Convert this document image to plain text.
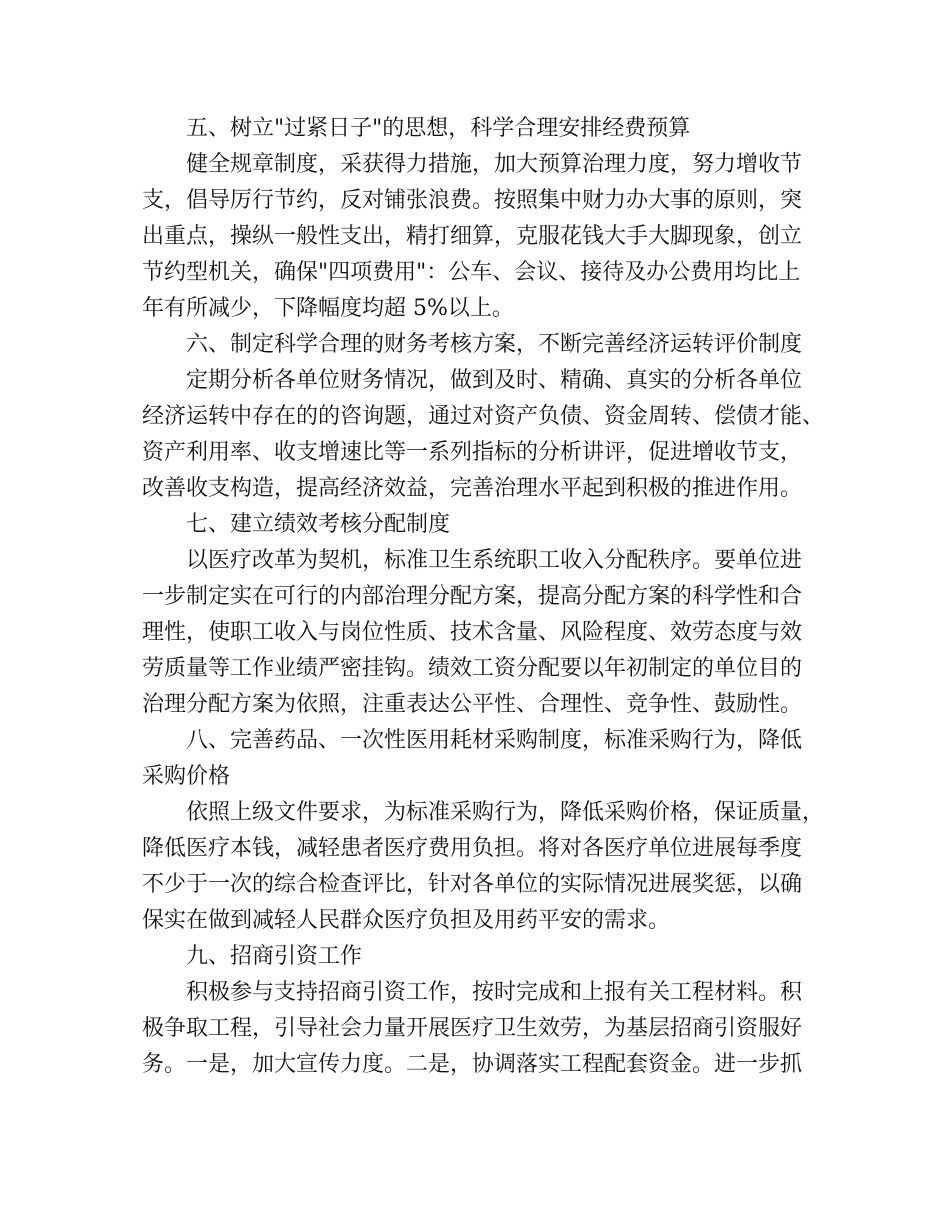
五、树立"过紧日子"的思想，科学合理安排经费预算
健全规章制度，采获得力措施，加大预算治理力度，努力增收节
支，倡导厉行节约，反对铺张浪费。按照集中财力办大事的原则，突
出重点，操纵一般性支出，精打细算，克服花钱大手大脚现象，创立
节约型机关，确保"四项费用"：公车、会议、接待及办公费用均比上
年有所减少，下降幅度均超 5%以上。
六、制定科学合理的财务考核方案，不断完善经济运转评价制度
定期分析各单位财务情况，做到及时、精确、真实的分析各单位
经济运转中存在的的咨询题，通过对资产负债、资金周转、偿债才能、
资产利用率、收支增速比等一系列指标的分析讲评，促进增收节支，
改善收支构造，提高经济效益，完善治理水平起到积极的推进作用。
七、建立绩效考核分配制度
以医疗改革为契机，标准卫生系统职工收入分配秩序。要单位进
一步制定实在可行的内部治理分配方案，提高分配方案的科学性和合
理性，使职工收入与岗位性质、技术含量、风险程度、效劳态度与效
劳质量等工作业绩严密挂钩。绩效工资分配要以年初制定的单位目的
治理分配方案为依照，注重表达公平性、合理性、竞争性、鼓励性。
八、完善药品、一次性医用耗材采购制度，标准采购行为，降低
采购价格
依照上级文件要求，为标准采购行为，降低采购价格，保证质量，
降低医疗本钱，减轻患者医疗费用负担。将对各医疗单位进展每季度
不少于一次的综合检查评比，针对各单位的实际情况进展奖惩，以确
保实在做到减轻人民群众医疗负担及用药平安的需求。
九、招商引资工作
积极参与支持招商引资工作，按时完成和上报有关工程材料。积
极争取工程，引导社会力量开展医疗卫生效劳，为基层招商引资服好
务。一是，加大宣传力度。二是，协调落实工程配套资金。进一步抓
